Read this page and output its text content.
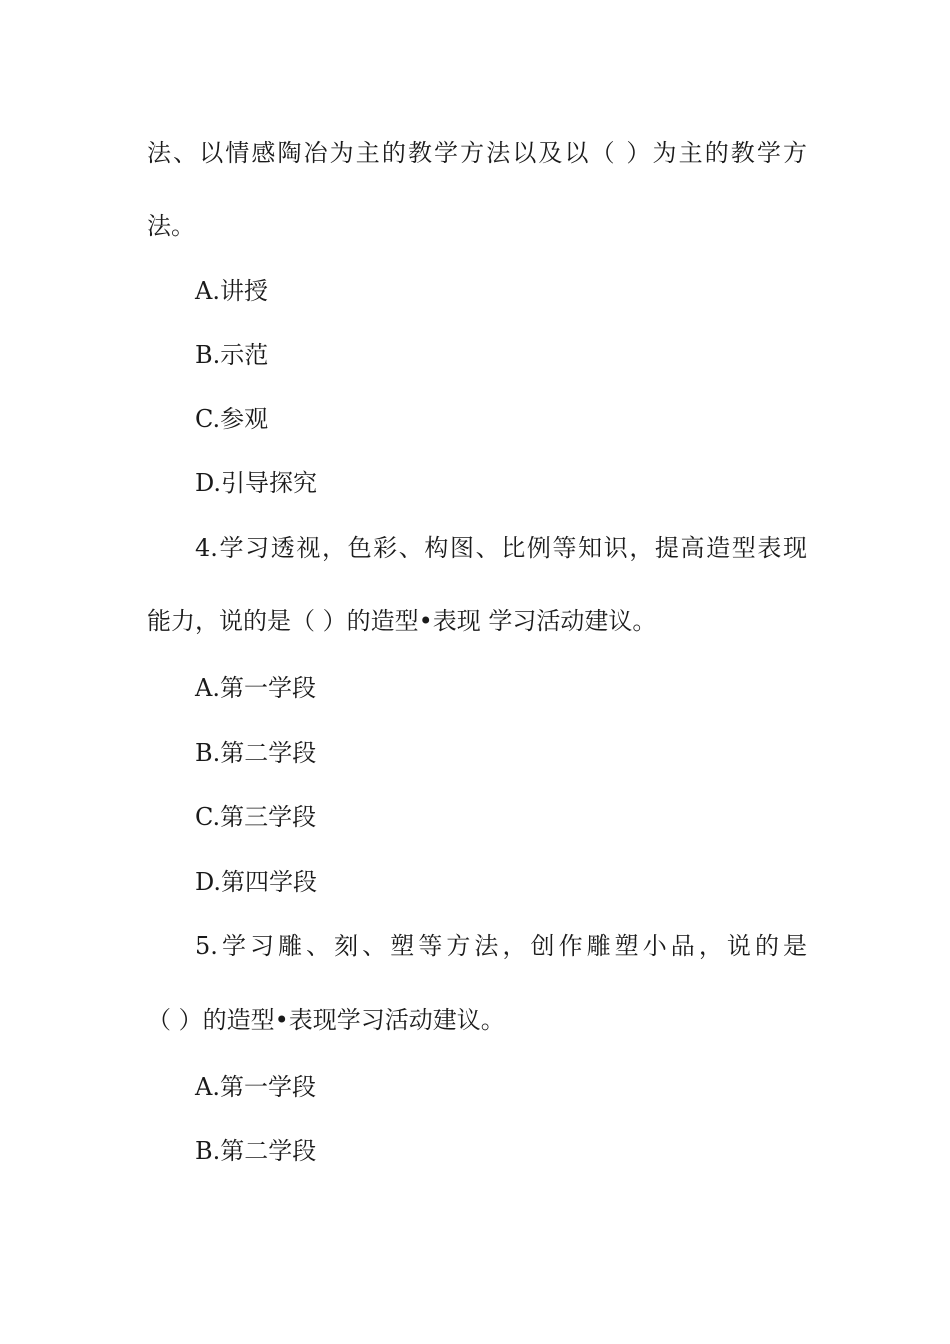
法、以情感陶冶为主的教学方法以及以（ ）为主的教学方
法。
A.讲授
B.示范
C.参观
D.引导探究
4.学习透视，色彩、构图、比例等知识，提高造型表现
能力，说的是（ ）的造型•表现 学习活动建议。
A.第一学段
B.第二学段
C.第三学段
D.第四学段
5.学习雕、刻、塑等方法，创作雕塑小品，说的是
（ ）的造型•表现学习活动建议。
A.第一学段
B.第二学段
